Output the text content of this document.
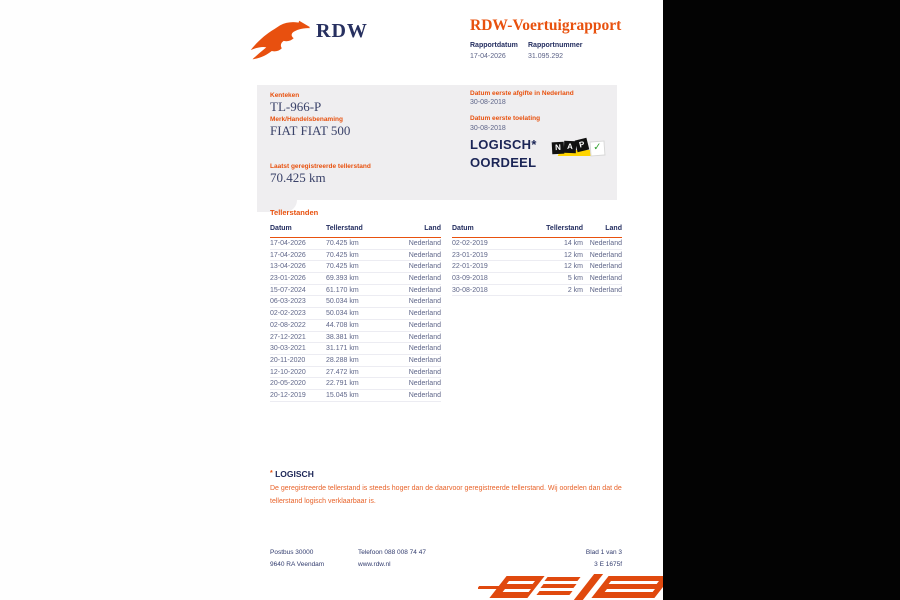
RDW	RDW-Voertuigrapport
Rapportdatum Rapportnummer
17-04-2026	31.095.292
Kenteken
TL-966-P
Merk/Handelsbenaming
FIAT FIAT 500
Laatst geregistreerde tellerstand
70.425 km
Datum eerste afgifte in Nederland
30-08-2018
Datum eerste toelating
30-08-2018
LOGISCH*
OORDEEL
N A P ✓
Tellerstanden
Datum	Tellerstand	Land
17-04-2026	70.425 km	Nederland
17-04-2026	70.425 km	Nederland
13-04-2026	70.425 km	Nederland
23-01-2026	69.393 km	Nederland
15-07-2024	61.170 km	Nederland
06-03-2023	50.034 km	Nederland
02-02-2023	50.034 km	Nederland
02-08-2022	44.708 km	Nederland
27-12-2021	38.381 km	Nederland
30-03-2021	31.171 km	Nederland
20-11-2020	28.288 km	Nederland
12-10-2020	27.472 km	Nederland
20-05-2020	22.791 km	Nederland
20-12-2019	15.045 km	Nederland
Datum	Tellerstand	Land
02-02-2019	14 km Nederland
23-01-2019	12 km Nederland
22-01-2019	12 km Nederland
03-09-2018	5 km Nederland
30-08-2018	2 km Nederland
* LOGISCH
De geregistreerde tellerstand is steeds hoger dan de daarvoor geregistreerde tellerstand. Wij oordelen dan dat de tellerstand logisch verklaarbaar is.
Postbus 30000
9640 RA Veendam
Telefoon 088 008 74 47
www.rdw.nl
Blad 1 van 3
3 E 1675f
